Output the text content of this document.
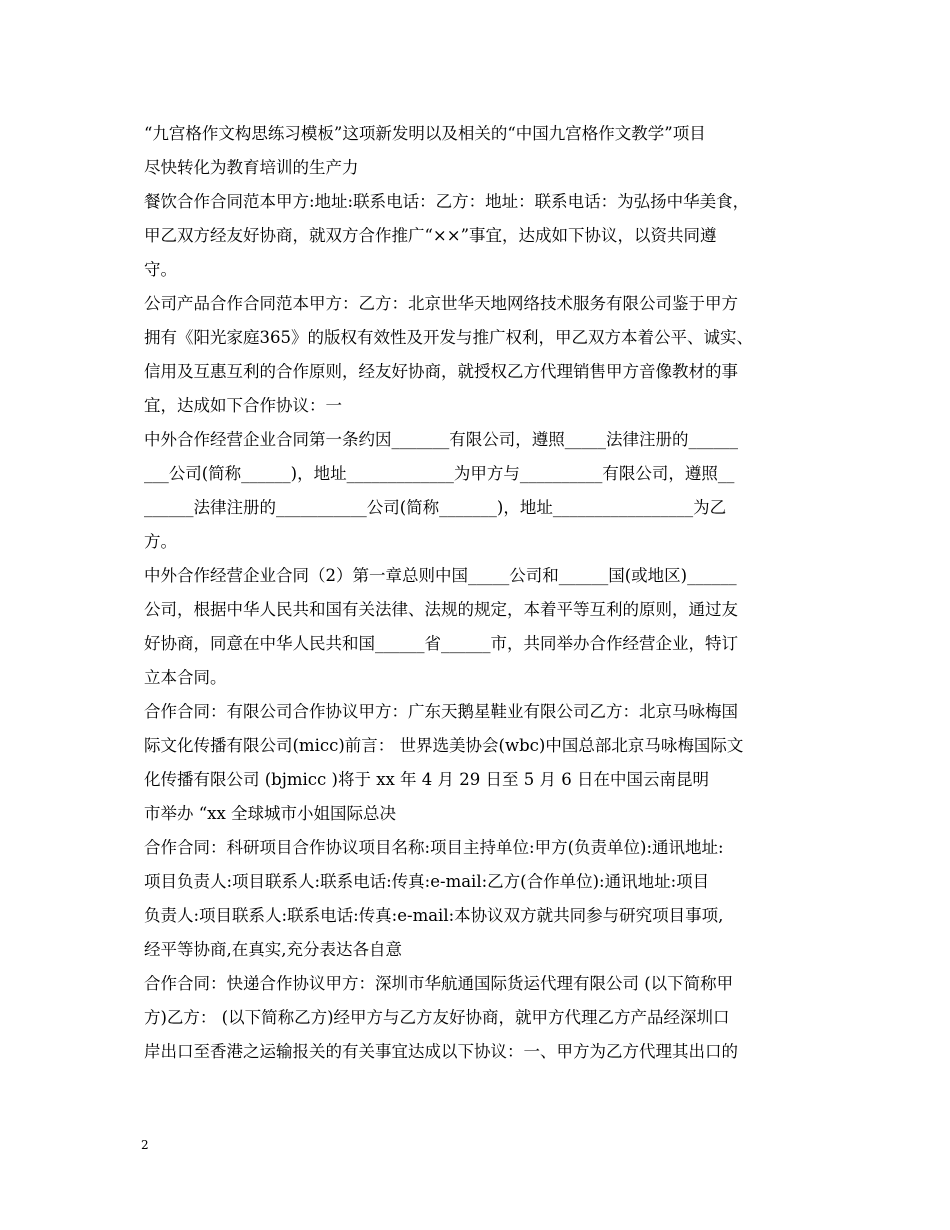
“九宫格作文构思练习模板”这项新发明以及相关的“中国九宫格作文教学”项目
尽快转化为教育培训的生产力
餐饮合作合同范本甲方:地址:联系电话：乙方：地址：联系电话：为弘扬中华美食，
甲乙双方经友好协商，就双方合作推广“××”事宜，达成如下协议，以资共同遵
守。
公司产品合作合同范本甲方：乙方：北京世华天地网络技术服务有限公司鉴于甲方
拥有《阳光家庭365》的版权有效性及开发与推广权利，甲乙双方本着公平、诚实、
信用及互惠互利的合作原则，经友好协商，就授权乙方代理销售甲方音像教材的事
宜，达成如下合作协议：一
中外合作经营企业合同第一条约因_______有限公司，遵照_____法律注册的______
___公司(简称______)，地址_____________为甲方与__________有限公司，遵照__
______法律注册的___________公司(简称_______)，地址_________________为乙
方。
中外合作经营企业合同（2）第一章总则中国_____公司和______国(或地区)______
公司，根据中华人民共和国有关法律、法规的规定，本着平等互利的原则，通过友
好协商，同意在中华人民共和国______省______市，共同举办合作经营企业，特订
立本合同。
合作合同：有限公司合作协议甲方：广东天鹅星鞋业有限公司乙方：北京马咏梅国
际文化传播有限公司(micc)前言： 世界选美协会(wbc)中国总部北京马咏梅国际文
化传播有限公司 (bjmicc )将于 xx 年 4 月 29 日至 5 月 6 日在中国云南昆明
市举办 “xx 全球城市小姐国际总决
合作合同：科研项目合作协议项目名称:项目主持单位:甲方(负责单位):通讯地址:
项目负责人:项目联系人:联系电话:传真:e-mail:乙方(合作单位):通讯地址:项目
负责人:项目联系人:联系电话:传真:e-mail:本协议双方就共同参与研究项目事项,
经平等协商,在真实,充分表达各自意
合作合同：快递合作协议甲方：深圳市华航通国际货运代理有限公司 (以下简称甲
方)乙方： (以下简称乙方)经甲方与乙方友好协商，就甲方代理乙方产品经深圳口
岸出口至香港之运输报关的有关事宜达成以下协议：一、甲方为乙方代理其出口的
2
